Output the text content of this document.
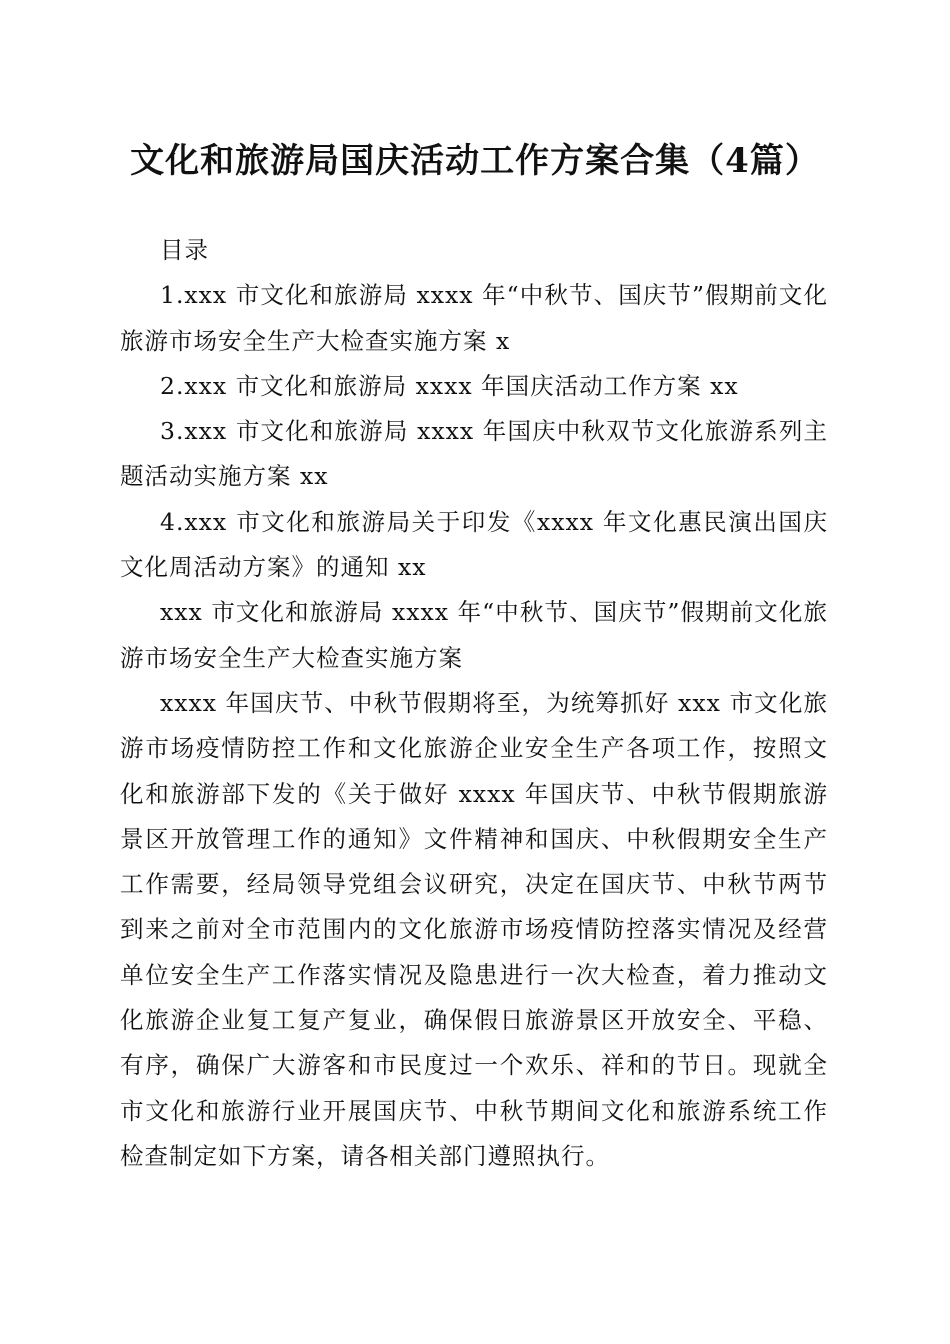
文化和旅游局国庆活动工作方案合集（4篇）

目录

1.xxx 市文化和旅游局 xxxx 年“中秋节、国庆节”假期前文化旅游市场安全生产大检查实施方案 x

2.xxx 市文化和旅游局 xxxx 年国庆活动工作方案 xx

3.xxx 市文化和旅游局 xxxx 年国庆中秋双节文化旅游系列主题活动实施方案 xx

4.xxx 市文化和旅游局关于印发《xxxx 年文化惠民演出国庆文化周活动方案》的通知 xx

xxx 市文化和旅游局 xxxx 年“中秋节、国庆节”假期前文化旅游市场安全生产大检查实施方案

xxxx 年国庆节、中秋节假期将至，为统筹抓好 xxx 市文化旅游市场疫情防控工作和文化旅游企业安全生产各项工作，按照文化和旅游部下发的《关于做好 xxxx 年国庆节、中秋节假期旅游景区开放管理工作的通知》文件精神和国庆、中秋假期安全生产工作需要，经局领导党组会议研究，决定在国庆节、中秋节两节到来之前对全市范围内的文化旅游市场疫情防控落实情况及经营单位安全生产工作落实情况及隐患进行一次大检查，着力推动文化旅游企业复工复产复业，确保假日旅游景区开放安全、平稳、有序，确保广大游客和市民度过一个欢乐、祥和的节日。现就全市文化和旅游行业开展国庆节、中秋节期间文化和旅游系统工作检查制定如下方案，请各相关部门遵照执行。
